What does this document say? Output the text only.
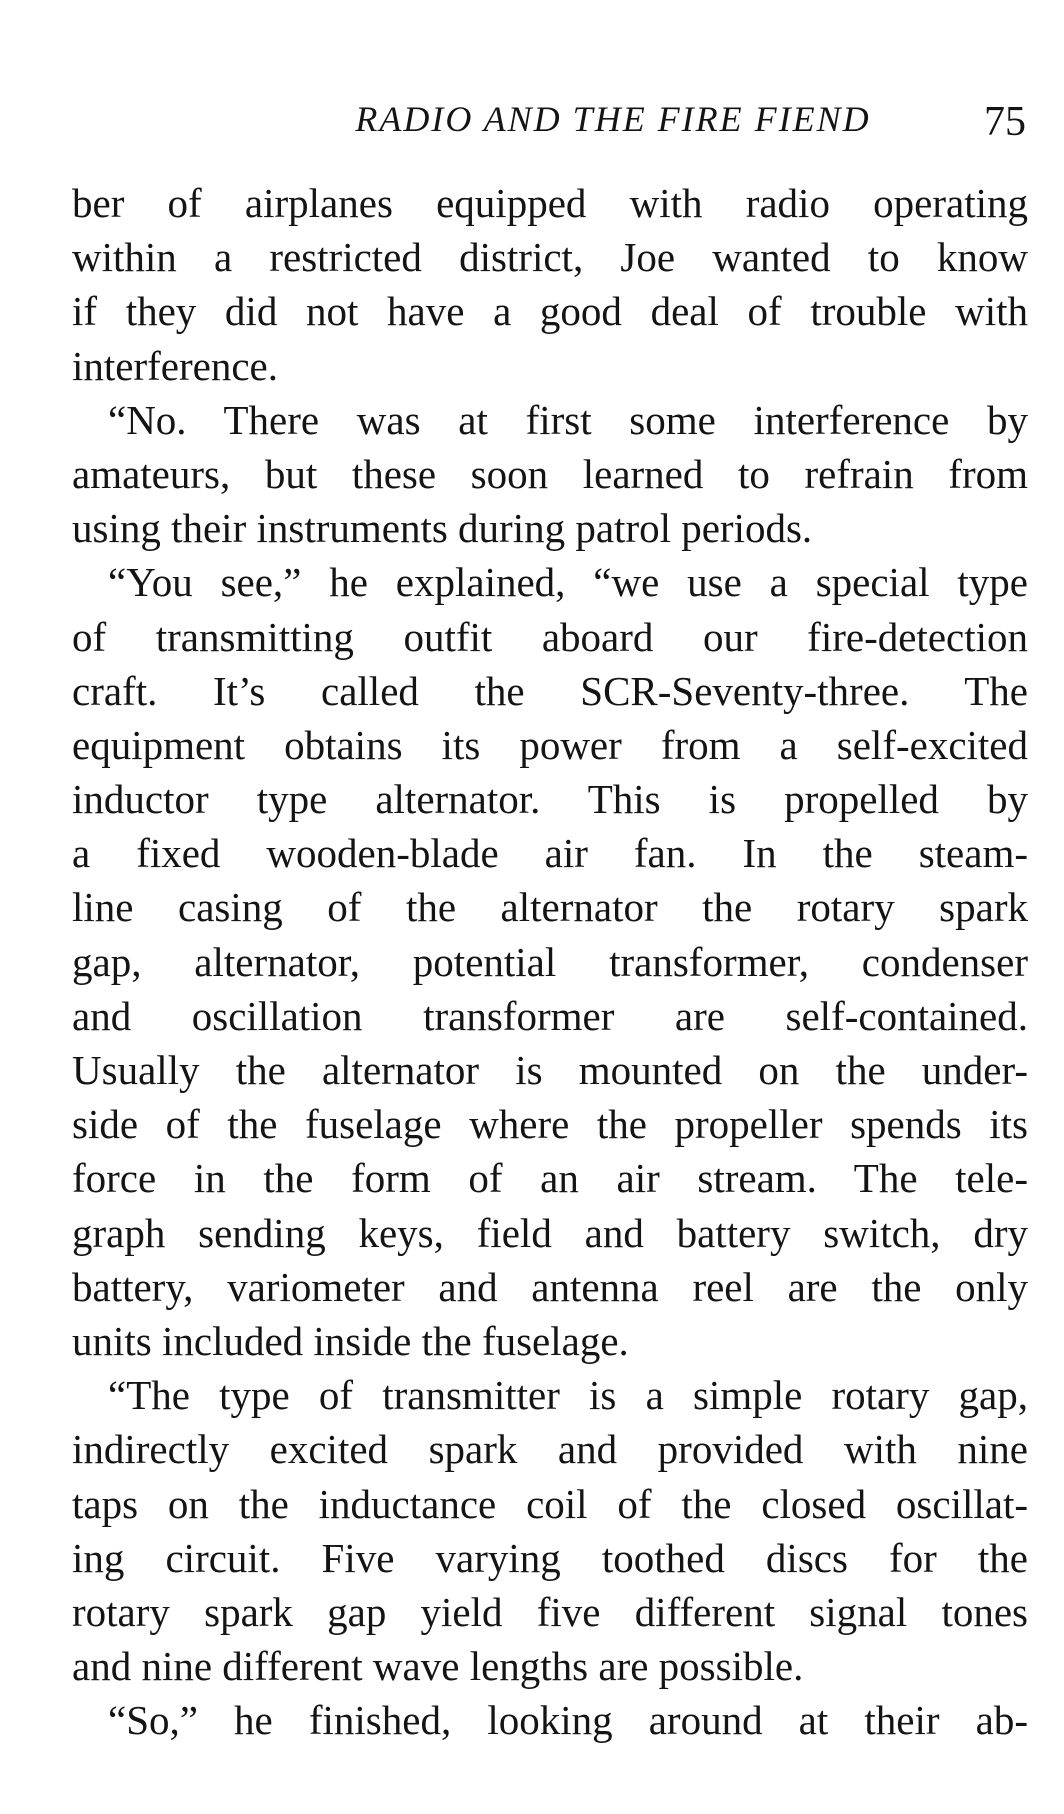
RADIO AND THE FIRE FIEND	75
ber of airplanes equipped with radio operating
within a restricted district, Joe wanted to know
if they did not have a good deal of trouble with
interference.
“No. There was at first some interference by
amateurs, but these soon learned to refrain from
using their instruments during patrol periods.
“You see,” he explained, “we use a special type
of transmitting outfit aboard our fire-detection
craft. It’s called the SCR-Seventy-three. The
equipment obtains its power from a self-excited
inductor type alternator. This is propelled by
a fixed wooden-blade air fan. In the steam-
line casing of the alternator the rotary spark
gap, alternator, potential transformer, condenser
and oscillation transformer are self-contained.
Usually the alternator is mounted on the under-
side of the fuselage where the propeller spends its
force in the form of an air stream. The tele-
graph sending keys, field and battery switch, dry
battery, variometer and antenna reel are the only
units included inside the fuselage.
“The type of transmitter is a simple rotary gap,
indirectly excited spark and provided with nine
taps on the inductance coil of the closed oscillat-
ing circuit. Five varying toothed discs for the
rotary spark gap yield five different signal tones
and nine different wave lengths are possible.
“So,” he finished, looking around at their ab-
